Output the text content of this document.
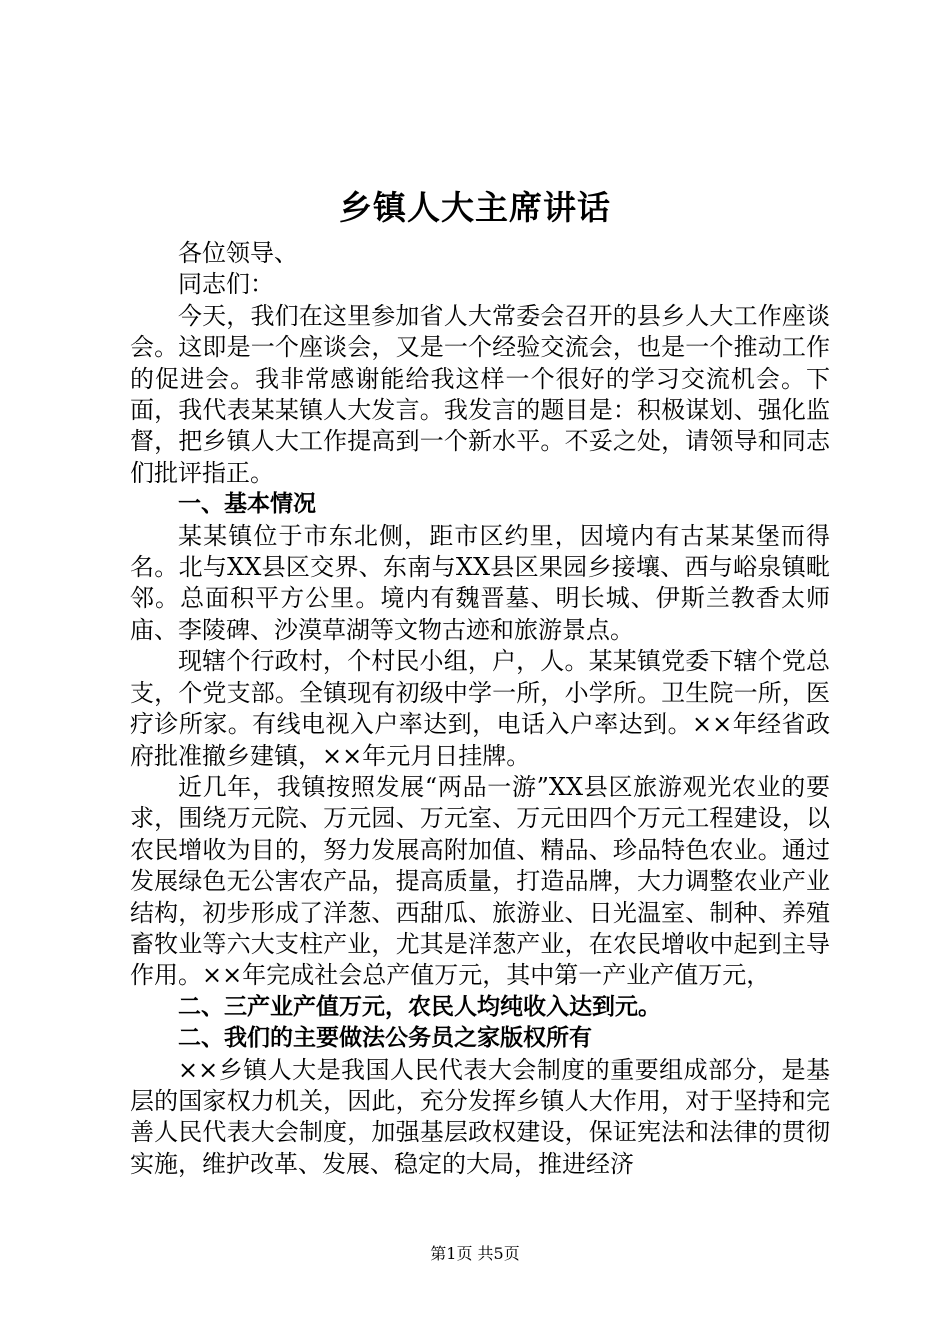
乡镇人大主席讲话

各位领导、

同志们：

今天，我们在这里参加省人大常委会召开的县乡人大工作座谈会。这即是一个座谈会，又是一个经验交流会，也是一个推动工作的促进会。我非常感谢能给我这样一个很好的学习交流机会。下面，我代表某某镇人大发言。我发言的题目是：积极谋划、强化监督，把乡镇人大工作提高到一个新水平。不妥之处，请领导和同志们批评指正。

一、基本情况

某某镇位于市东北侧，距市区约里，因境内有古某某堡而得名。北与XX县区交界、东南与XX县区果园乡接壤、西与峪泉镇毗邻。总面积平方公里。境内有魏晋墓、明长城、伊斯兰教香太师庙、李陵碑、沙漠草湖等文物古迹和旅游景点。

现辖个行政村，个村民小组，户，人。某某镇党委下辖个党总支，个党支部。全镇现有初级中学一所，小学所。卫生院一所，医疗诊所家。有线电视入户率达到，电话入户率达到。××年经省政府批准撤乡建镇，××年元月日挂牌。

近几年，我镇按照发展“两品一游”XX县区旅游观光农业的要求，围绕万元院、万元园、万元室、万元田四个万元工程建设，以农民增收为目的，努力发展高附加值、精品、珍品特色农业。通过发展绿色无公害农产品，提高质量，打造品牌，大力调整农业产业结构，初步形成了洋葱、西甜瓜、旅游业、日光温室、制种、养殖畜牧业等六大支柱产业，尤其是洋葱产业，在农民增收中起到主导作用。××年完成社会总产值万元，其中第一产业产值万元，

二、三产业产值万元，农民人均纯收入达到元。
二、我们的主要做法公务员之家版权所有

××乡镇人大是我国人民代表大会制度的重要组成部分，是基层的国家权力机关，因此，充分发挥乡镇人大作用，对于坚持和完善人民代表大会制度，加强基层政权建设，保证宪法和法律的贯彻实施，维护改革、发展、稳定的大局，推进经济

第1页 共5页
